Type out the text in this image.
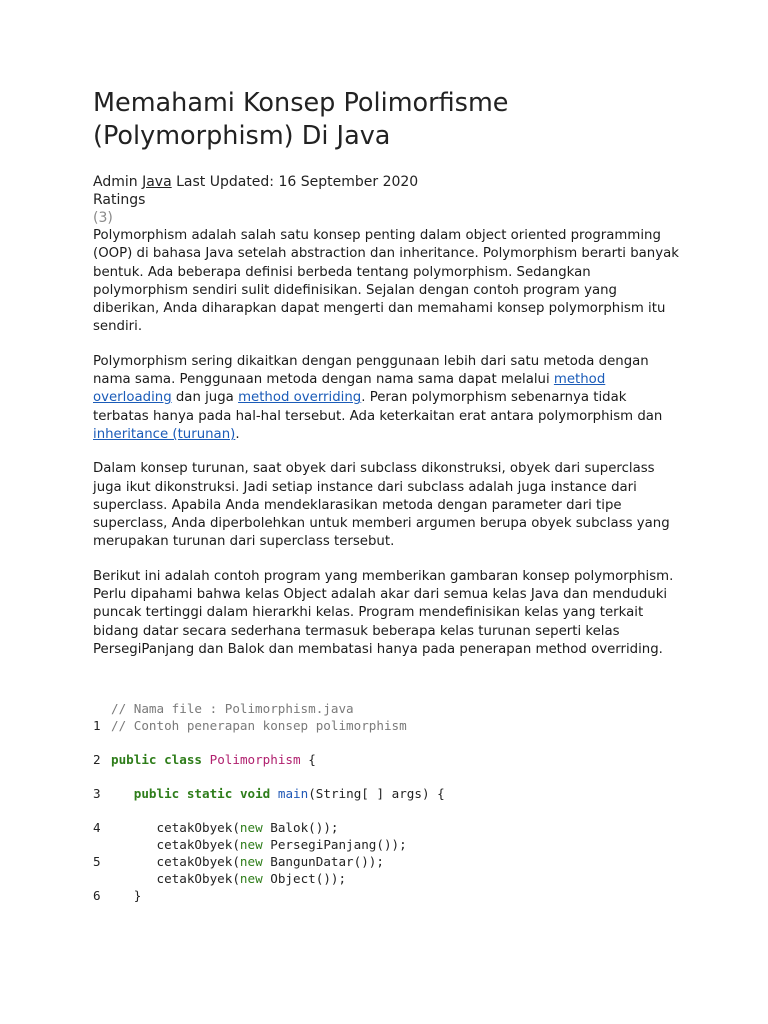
Memahami Konsep Polimorfisme
(Polymorphism) Di Java
Admin Java Last Updated: 16 September 2020
Ratings
(3)

Polymorphism adalah salah satu konsep penting dalam object oriented programming (OOP) di bahasa Java setelah abstraction dan inheritance. Polymorphism berarti banyak bentuk. Ada beberapa definisi berbeda tentang polymorphism. Sedangkan polymorphism sendiri sulit didefinisikan. Sejalan dengan contoh program yang diberikan, Anda diharapkan dapat mengerti dan memahami konsep polymorphism itu sendiri.

Polymorphism sering dikaitkan dengan penggunaan lebih dari satu metoda dengan nama sama. Penggunaan metoda dengan nama sama dapat melalui method overloading dan juga method overriding. Peran polymorphism sebenarnya tidak terbatas hanya pada hal-hal tersebut. Ada keterkaitan erat antara polymorphism dan inheritance (turunan).

Dalam konsep turunan, saat obyek dari subclass dikonstruksi, obyek dari superclass juga ikut dikonstruksi. Jadi setiap instance dari subclass adalah juga instance dari superclass. Apabila Anda mendeklarasikan metoda dengan parameter dari tipe superclass, Anda diperbolehkan untuk memberi argumen berupa obyek subclass yang merupakan turunan dari superclass tersebut.

Berikut ini adalah contoh program yang memberikan gambaran konsep polymorphism. Perlu dipahami bahwa kelas Object adalah akar dari semua kelas Java dan menduduki puncak tertinggi dalam hierarkhi kelas. Program mendefinisikan kelas yang terkait bidang datar secara sederhana termasuk beberapa kelas turunan seperti kelas PersegiPanjang dan Balok dan membatasi hanya pada penerapan method overriding.

// Nama file : Polimorphism.java
1 // Contoh penerapan konsep polimorphism
2 public class Polimorphism {
3	public static void main(String[ ] args) {
4	cetakObyek(new Balok());
cetakObyek(new PersegiPanjang());
5	cetakObyek(new BangunDatar());
cetakObyek(new Object());
6	}
